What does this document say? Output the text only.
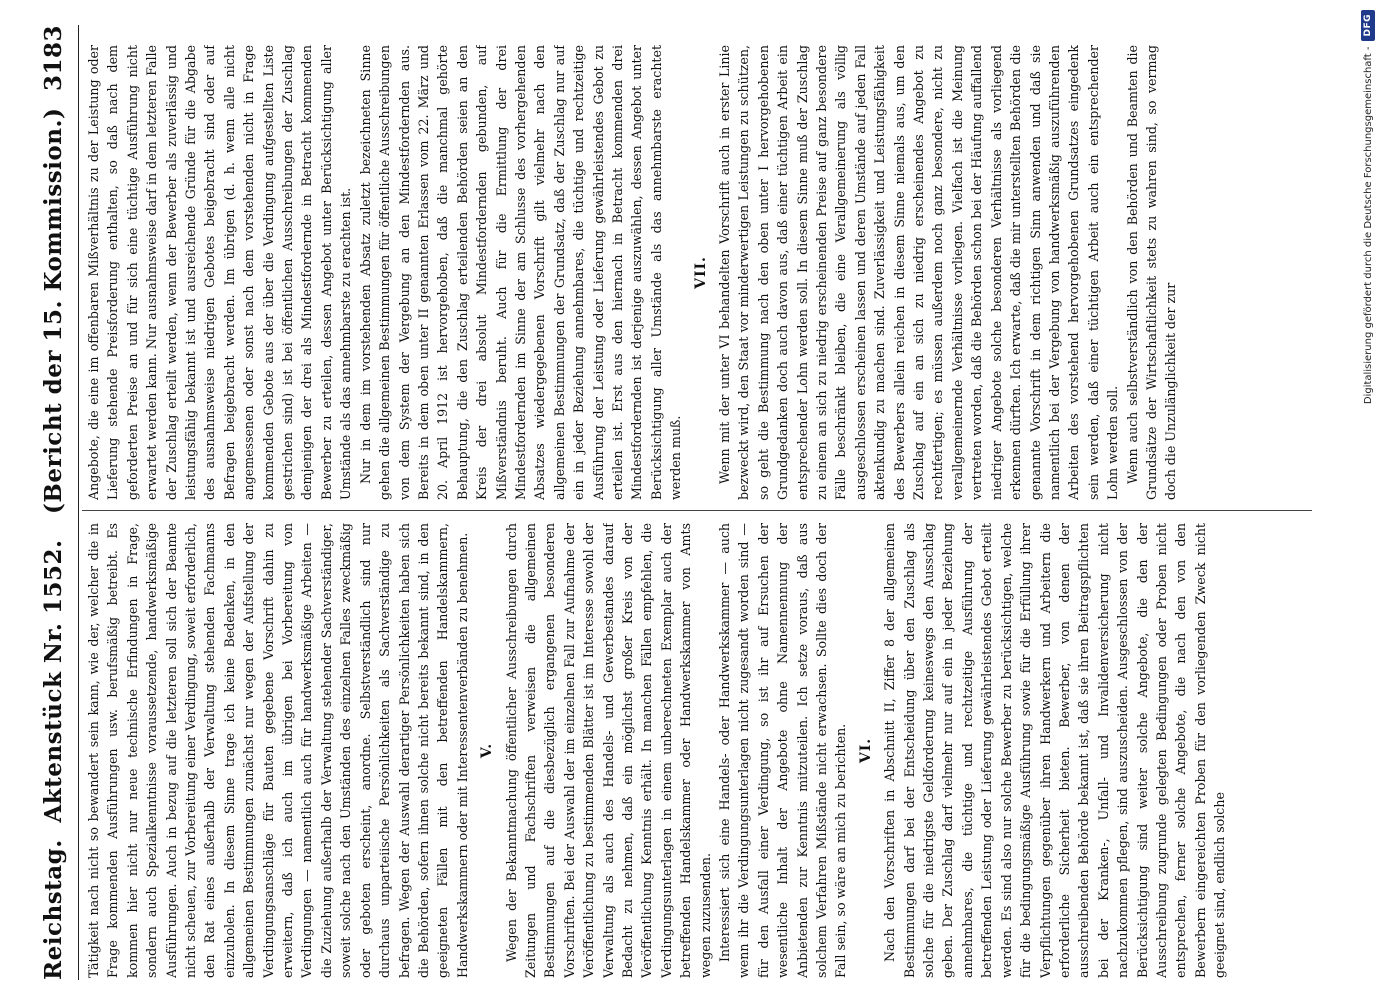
Reichstag.
Aktenstück Nr. 1552.   (Bericht der 15. Kommission.)
3183

Tätigkeit nach nicht so bewandert sein kann, wie der, welcher die in Frage kommenden Ausführungen usw. berufsmäßig betreibt. Es kommen hier nicht nur neue technische Erfindungen in Frage, sondern auch Spezialkenntnisse voraussetzende, handwerksmäßige Ausführungen. Auch in bezug auf die letzteren soll sich der Beamte nicht scheuen, zur Vorbereitung einer Verdingung, soweit erforderlich, den Rat eines außerhalb der Verwaltung stehenden Fachmanns einzuholen. In diesem Sinne trage ich keine Bedenken, in den allgemeinen Bestimmungen zunächst nur wegen der Aufstellung der Verdingungsanschläge für Bauten gegebene Vorschrift dahin zu erweitern, daß ich auch im übrigen bei Vorbereitung von Verdingungen — namentlich auch für handwerksmäßige Arbeiten — die Zuziehung außerhalb der Verwaltung stehender Sachverständiger, soweit solche nach den Umständen des einzelnen Falles zweckmäßig oder geboten erscheint, anordne. Selbstverständlich sind nur durchaus unparteiische Persönlichkeiten als Sachverständige zu befragen. Wegen der Auswahl derartiger Persönlichkeiten haben sich die Behörden, sofern ihnen solche nicht bereits bekannt sind, in den geeigneten Fällen mit den betreffenden Handelskammern, Handwerkskammern oder mit Interessentenverbänden zu benehmen. V. Wegen der Bekanntmachung öffentlicher Ausschreibungen durch Zeitungen und Fachschriften verweisen die allgemeinen Bestimmungen auf die diesbezüglich ergangenen besonderen Vorschriften. Bei der Auswahl der im einzelnen Fall zur Aufnahme der Veröffentlichung zu bestimmenden Blätter ist im Interesse sowohl der Verwaltung als auch des Handels- und Gewerbestandes darauf Bedacht zu nehmen, daß ein möglichst großer Kreis von der Veröffentlichung Kenntnis erhält. In manchen Fällen empfehlen, die Verdingungsunterlagen in einem unberechneten Exemplar auch der betreffenden Handelskammer oder Handwerkskammer von Amts wegen zuzusenden. Interessiert sich eine Handels- oder Handwerkskammer — auch wenn ihr die Verdingungsunterlagen nicht zugesandt worden sind — für den Ausfall einer Verdingung, so ist ihr auf Ersuchen der wesentliche Inhalt der Angebote ohne Namennennung der Anbietenden zur Kenntnis mitzuteilen. Ich setze voraus, daß aus solchem Verfahren Mißstände nicht erwachsen. Sollte dies doch der Fall sein, so wäre an mich zu berichten. VI. Nach den Vorschriften in Abschnitt II, Ziffer 8 der allgemeinen Bestimmungen darf bei der Entscheidung über den Zuschlag als solche für die niedrigste Geldforderung keineswegs den Ausschlag geben. Der Zuschlag darf vielmehr nur auf ein in jeder Beziehung annehmbares, die tüchtige und rechtzeitige Ausführung der betreffenden Leistung oder Lieferung gewährleistendes Gebot erteilt werden. Es sind also nur solche Bewerber zu berücksichtigen, welche für die bedingungsmäßige Ausführung sowie für die Erfüllung ihrer Verpflichtungen gegenüber ihren Handwerkern und Arbeitern die erforderliche Sicherheit bieten. Bewerber, von denen der ausschreibenden Behörde bekannt ist, daß sie ihren Beitragspflichten bei der Kranken-, Unfall- und Invalidenversicherung nicht nachzukommen pflegen, sind auszuscheiden. Ausgeschlossen von der Berücksichtigung sind weiter solche Angebote, die den der Ausschreibung zugrunde gelegten Bedingungen oder Proben nicht entsprechen, ferner solche Angebote, die nach den von den Bewerbern eingereichten Proben für den vorliegenden Zweck nicht geeignet sind, endlich solche

Angebote, die eine im offenbaren Mißverhältnis zu der Leistung oder Lieferung stehende Preisforderung enthalten, so daß nach dem geforderten Preise an und für sich eine tüchtige Ausführung nicht erwartet werden kann. Nur ausnahmsweise darf in dem letzteren Falle der Zuschlag erteilt werden, wenn der Bewerber als zuverlässig und leistungsfähig bekannt ist und ausreichende Gründe für die Abgabe des ausnahmsweise niedrigen Gebotes beigebracht sind oder auf Befragen beigebracht werden. Im übrigen (d. h. wenn alle nicht angemessenen oder sonst nach dem vorstehenden nicht in Frage kommenden Gebote aus der über die Verdingung aufgestellten Liste gestrichen sind) ist bei öffentlichen Ausschreibungen der Zuschlag demjenigen der drei als Mindestfordernde in Betracht kommenden Bewerber zu erteilen, dessen Angebot unter Berücksichtigung aller Umstände als das annehmbarste zu erachten ist. Nur in dem im vorstehenden Absatz zuletzt bezeichneten Sinne gehen die allgemeinen Bestimmungen für öffentliche Ausschreibungen von dem System der Vergebung an den Mindestfordernden aus. Bereits in dem oben unter II genannten Erlassen vom 22. März und 20. April 1912 ist hervorgehoben, daß die manchmal gehörte Behauptung, die den Zuschlag erteilenden Behörden seien an den Kreis der drei absolut Mindestfordernden gebunden, auf Mißverständnis beruht. Auch für die Ermittlung der drei Mindestfordernden im Sinne der am Schlusse des vorhergehenden Absatzes wiedergegebenen Vorschrift gilt vielmehr nach den allgemeinen Bestimmungen der Grundsatz, daß der Zuschlag nur auf ein in jeder Beziehung annehmbares, die tüchtige und rechtzeitige Ausführung der Leistung oder Lieferung gewährleistendes Gebot zu erteilen ist. Erst aus den hiernach in Betracht kommenden drei Mindestfordernden ist derjenige auszuwählen, dessen Angebot unter Berücksichtigung aller Umstände als das annehmbarste erachtet werden muß.

VII. Wenn mit der unter VI behandelten Vorschrift auch in erster Linie bezweckt wird, den Staat vor minderwertigen Leistungen zu schützen, so geht die Bestimmung nach den oben unter I hervorgehobenen Grundgedanken doch auch davon aus, daß einer tüchtigen Arbeit ein entsprechender Lohn werden soll. In diesem Sinne muß der Zuschlag zu einem an sich zu niedrig erscheinenden Preise auf ganz besondere Fälle beschränkt bleiben, die eine Verallgemeinerung als völlig ausgeschlossen erscheinen lassen und deren Umstände auf jeden Fall aktenkundig zu machen sind. Zuverlässigkeit und Leistungsfähigkeit des Bewerbers allein reichen in diesem Sinne niemals aus, um den Zuschlag auf ein an sich zu niedrig erscheinendes Angebot zu rechtfertigen; es müssen außerdem noch ganz besondere, nicht zu verallgemeinernde Verhältnisse vorliegen. Vielfach ist die Meinung vertreten worden, daß die Behörden schon bei der Häufung auffallend niedriger Angebote solche besonderen Verhältnisse als vorliegend erkennen dürften. Ich erwarte, daß die mir unterstellten Behörden die genannte Vorschrift in dem richtigen Sinn anwenden und daß sie namentlich bei der Vergebung von handwerksmäßig auszuführenden Arbeiten des vorstehend hervorgehobenen Grundsatzes eingedenk sein werden, daß einer tüchtigen Arbeit auch ein entsprechender Lohn werden soll. Wenn auch selbstverständlich von den Behörden und Beamten die Grundsätze der Wirtschaftlichkeit stets zu wahren sind, so vermag doch die Unzulänglichkeit der zur	Digitalisierung gefördert durch die Deutsche Forschungsgemeinschaft -
DFG
